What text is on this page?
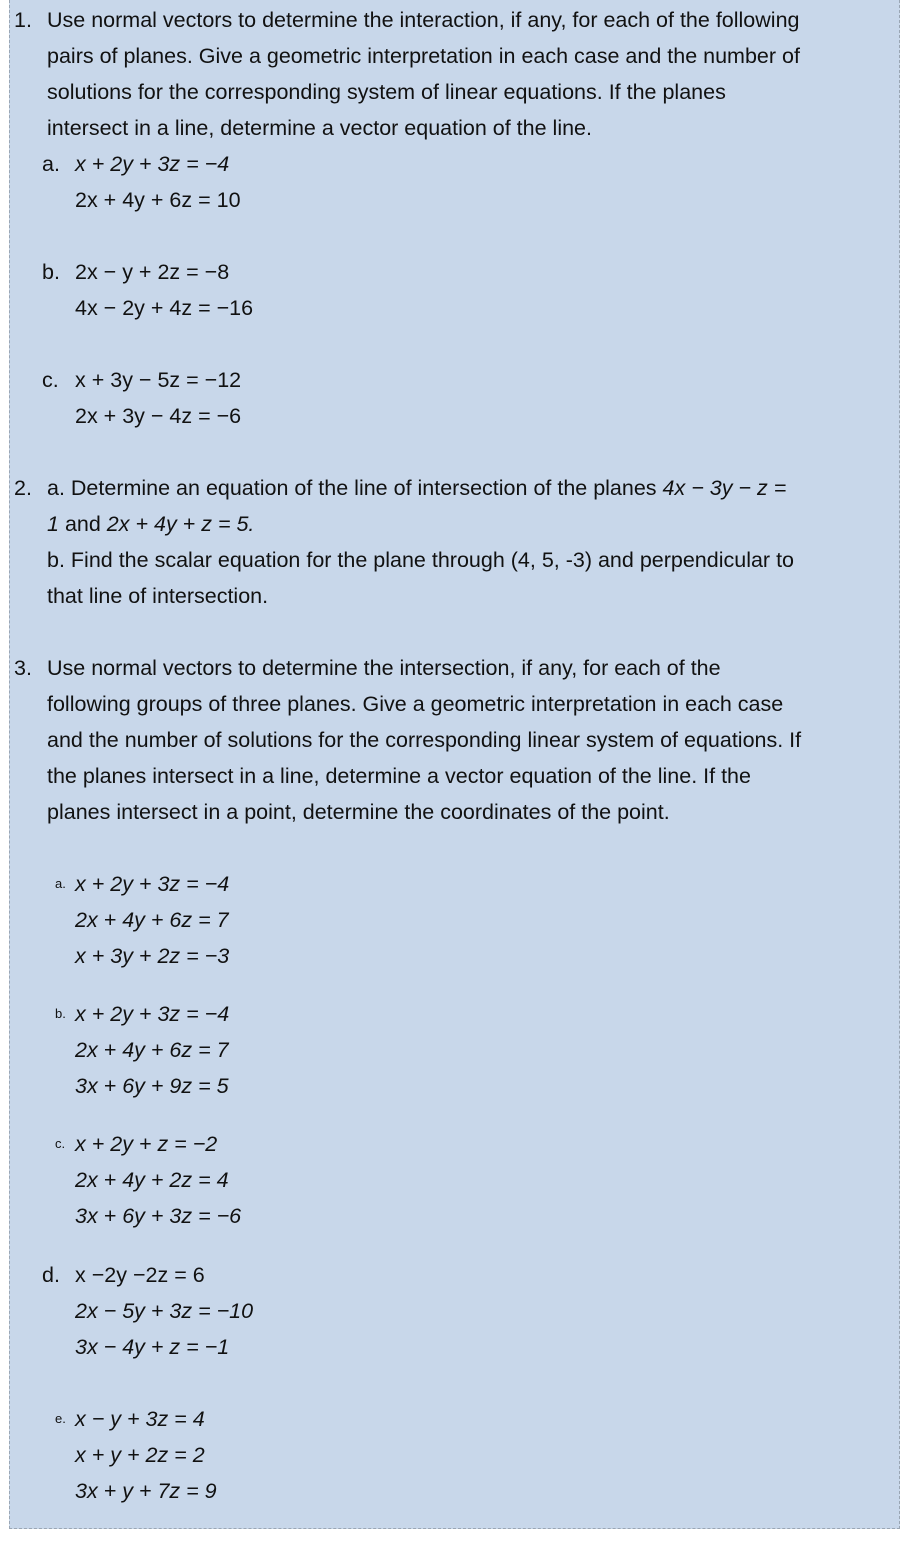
1. Use normal vectors to determine the interaction, if any, for each of the following
pairs of planes. Give a geometric interpretation in each case and the number of
solutions for the corresponding system of linear equations. If the planes
intersect in a line, determine a vector equation of the line.
a. x + 2y + 3z = −4
2x + 4y + 6z = 10
b. 2x − y + 2z = −8
4x − 2y + 4z = −16
c. x + 3y − 5z = −12
2x + 3y − 4z = −6
2. a. Determine an equation of the line of intersection of the planes 4x − 3y − z =
1 and 2x + 4y + z = 5.
b. Find the scalar equation for the plane through (4, 5, -3) and perpendicular to
that line of intersection.
3. Use normal vectors to determine the intersection, if any, for each of the
following groups of three planes. Give a geometric interpretation in each case
and the number of solutions for the corresponding linear system of equations. If
the planes intersect in a line, determine a vector equation of the line. If the
planes intersect in a point, determine the coordinates of the point.
a. x + 2y + 3z = −4
2x + 4y + 6z = 7
x + 3y + 2z = −3
b. x + 2y + 3z = −4
2x + 4y + 6z = 7
3x + 6y + 9z = 5
c. x + 2y + z = −2
2x + 4y + 2z = 4
3x + 6y + 3z = −6
d. x −2y −2z = 6
2x − 5y + 3z = −10
3x − 4y + z = −1
e. x − y + 3z = 4
x + y + 2z = 2
3x + y + 7z = 9
